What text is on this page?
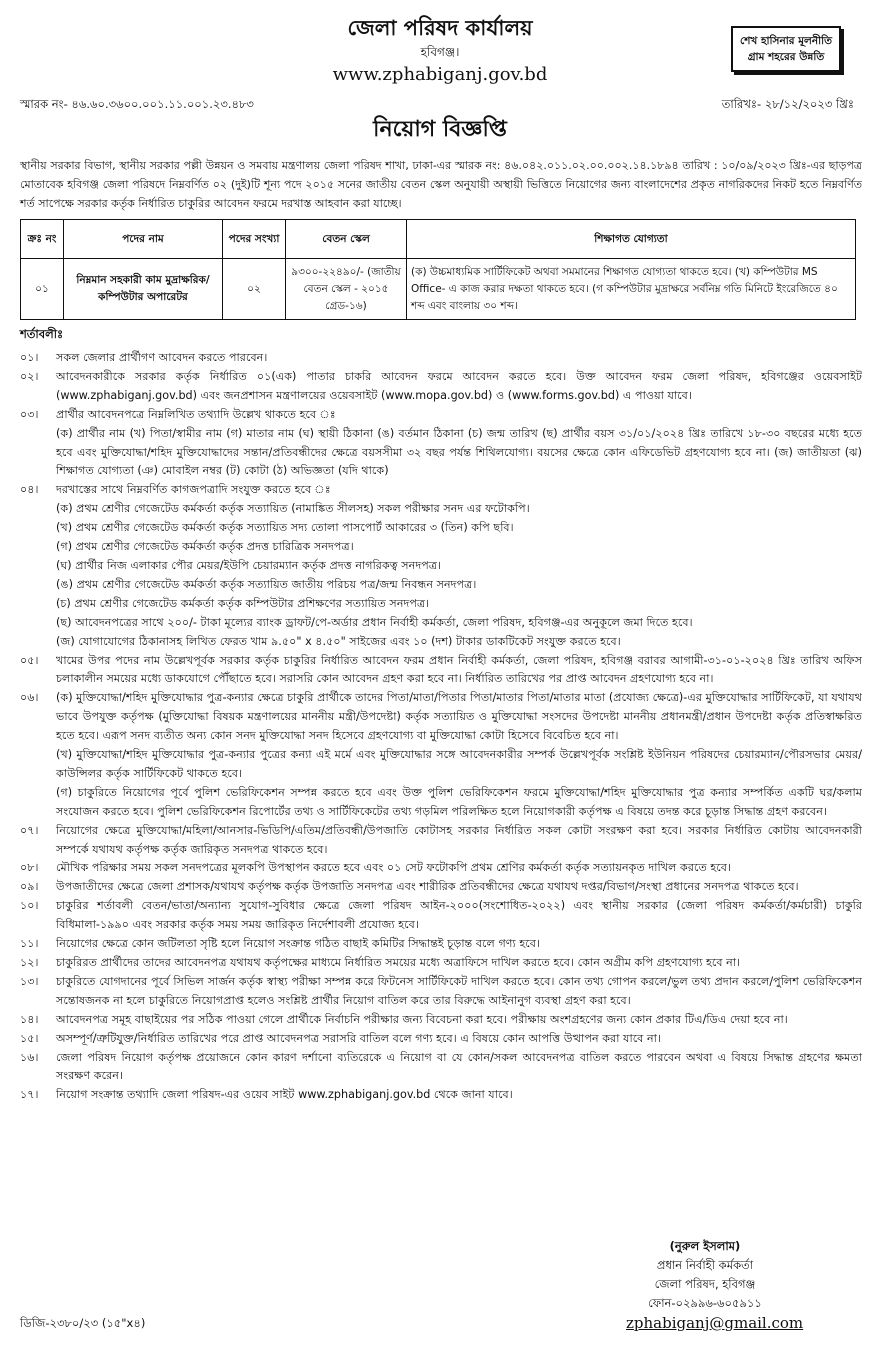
জেলা পরিষদ কার্যালয়
হবিগঞ্জ।
www.zphabiganj.gov.bd
শেখ হাসিনার মূলনীতি
গ্রাম শহরের উন্নতি
স্মারক নং- ৪৬.৬০.৩৬০০.০০১.১১.০০১.২৩.৪৮৩	তারিখঃ- ২৮/১২/২০২৩ খ্রিঃ
নিয়োগ বিজ্ঞপ্তি
স্থানীয় সরকার বিভাগ, স্থানীয় সরকার পল্লী উন্নয়ন ও সমবায় মন্ত্রণালয় জেলা পরিষদ শাখা, ঢাকা-এর স্মারক নং: ৪৬.০৪২.০১১.০২.০০.০০২.১৪.১৮৯৪ তারিখ : ১০/০৯/২০২৩ খ্রিঃ-এর ছাড়পত্র মোতাবেক হবিগঞ্জ জেলা পরিষদে নিম্নবর্ণিত ০২ (দুই)টি শূন্য পদে ২০১৫ সনের জাতীয় বেতন স্কেল অনুযায়ী অস্থায়ী ভিত্তিতে নিয়োগের জন্য বাংলাদেশের প্রকৃত নাগরিকদের নিকট হতে নিম্নবর্ণিত শর্ত সাপেক্ষে সরকার কর্তৃক নির্ধারিত চাকুরির আবেদন ফরমে দরখাস্ত আহবান করা যাচ্ছে।
ক্রঃ নং	পদের নাম	পদের সংখ্যা	বেতন স্কেল	শিক্ষাগত যোগ্যতা
০১	নিম্নমান সহকারী কাম মুদ্রাক্ষরিক/ কম্পিউটার অপারেটর	০২	৯৩০০-২২৪৯০/- (জাতীয় বেতন স্কেল - ২০১৫ গ্রেড-১৬)	(ক) উচ্চমাধ্যমিক সার্টিফিকেট অথবা সমমানের শিক্ষাগত যোগ্যতা থাকতে হবে। (খ) কম্পিউটার MS Office- এ কাজ করার দক্ষতা থাকতে হবে। (গ কম্পিউটার মুদ্রাক্ষরে সর্বনিম্ন গতি মিনিটে ইংরেজিতে ৪০ শব্দ এবং বাংলায় ৩০ শব্দ।
শর্তাবলীঃ
০১।	সকল জেলার প্রার্থীগণ আবেদন করতে পারবেন।
০২।	আবেদনকারীকে সরকার কর্তৃক নির্ধারিত ০১(এক) পাতার চাকরি আবেদন ফরমে আবেদন করতে হবে। উক্ত আবেদন ফরম জেলা পরিষদ, হবিগঞ্জের ওয়েবসাইট (www.zphabiganj.gov.bd) এবং জনপ্রশাসন মন্ত্রণালয়ের ওয়েবসাইট (www.mopa.gov.bd) ও (www.forms.gov.bd) এ পাওয়া যাবে।
০৩।	প্রার্থীর আবেদনপত্রে নিম্নলিখিত তথ্যাদি উল্লেখ থাকতে হবে ঃ
(ক) প্রার্থীর নাম (খ) পিতা/স্বামীর নাম (গ) মাতার নাম (ঘ) স্থায়ী ঠিকানা (ঙ) বর্তমান ঠিকানা (চ) জন্ম তারিখ (ছ) প্রার্থীর বয়স ৩১/০১/২০২৪ খ্রিঃ তারিখে ১৮-৩০ বছরের মধ্যে হতে হবে এবং মুক্তিযোদ্ধা/শহিদ মুক্তিযোদ্ধাদের সন্তান/প্রতিবন্ধীদের ক্ষেত্রে বয়সসীমা ৩২ বছর পর্যন্ত শিথিলযোগ্য। বয়সের ক্ষেত্রে কোন এফিডেভিট গ্রহণযোগ্য হবে না। (জ) জাতীয়তা (ঝ) শিক্ষাগত যোগ্যতা (ঞ) মোবাইল নম্বর (ট) কোটা (ঠ) অভিজ্ঞতা (যদি থাকে)
০৪।	দরখাস্তের সাথে নিম্নবর্ণিত কাগজপত্রাদি সংযুক্ত করতে হবে ঃ
(ক) প্রথম শ্রেণীর গেজেটেড কর্মকর্তা কর্তৃক সত্যায়িত (নামাঙ্কিত সীলসহ) সকল পরীক্ষার সনদ এর ফটোকপি।
(খ) প্রথম শ্রেণীর গেজেটেড কর্মকর্তা কর্তৃক সত্যায়িত সদ্য তোলা পাসপোর্ট আকারের ৩ (তিন) কপি ছবি।
(গ) প্রথম শ্রেণীর গেজেটেড কর্মকর্তা কর্তৃক প্রদত্ত চারিত্রিক সনদপত্র।
(ঘ) প্রার্থীর নিজ এলাকার পৌর মেয়র/ইউপি চেয়ারম্যান কর্তৃক প্রদত্ত নাগরিকত্ব সনদপত্র।
(ঙ) প্রথম শ্রেণীর গেজেটেড কর্মকর্তা কর্তৃক সত্যায়িত জাতীয় পরিচয় পত্র/জন্ম নিবন্ধন সনদপত্র।
(চ) প্রথম শ্রেণীর গেজেটেড কর্মকর্তা কর্তৃক কম্পিউটার প্রশিক্ষণের সত্যায়িত সনদপত্র।
(ছ) আবেদনপত্রের সাথে ২০০/- টাকা মূল্যের ব্যাংক ড্রাফট/পে-অর্ডার প্রধান নির্বাহী কর্মকর্তা, জেলা পরিষদ, হবিগঞ্জ-এর অনুকূলে জমা দিতে হবে।
(জ) যোগাযোগের ঠিকানাসহ লিখিত ফেরত খাম ৯.৫০" x ৪.৫০" সাইজের এবং ১০ (দশ) টাকার ডাকটিকেট সংযুক্ত করতে হবে।
০৫।	খামের উপর পদের নাম উল্লেখপূর্বক সরকার কর্তৃক চাকুরির নির্ধারিত আবেদন ফরম প্রধান নির্বাহী কর্মকর্তা, জেলা পরিষদ, হবিগঞ্জ বরাবর আগামী-৩১-০১-২০২৪ খ্রিঃ তারিখ অফিস চলাকালীন সময়ের মধ্যে ডাকযোগে পৌঁছাতে হবে। সরাসরি কোন আবেদন গ্রহণ করা হবে না। নির্ধারিত তারিখের পর প্রাপ্ত আবেদন গ্রহণযোগ্য হবে না।
০৬।	(ক) মুক্তিযোদ্ধা/শহিদ মুক্তিযোদ্ধার পুত্র-কন্যার ক্ষেত্রে চাকুরি প্রার্থীকে তাদের পিতা/মাতা/পিতার পিতা/মাতার পিতা/মাতার মাতা (প্রযোজ্য ক্ষেত্রে)-এর মুক্তিযোদ্ধার সার্টিফিকেট, যা যথাযথ ভাবে উপযুক্ত কর্তৃপক্ষ (মুক্তিযোদ্ধা বিষয়ক মন্ত্রণালয়ের মাননীয় মন্ত্রী/উপদেষ্টা) কর্তৃক সত্যায়িত ও মুক্তিযোদ্ধা সংসদের উপদেষ্টা মাননীয় প্রধানমন্ত্রী/প্রধান উপদেষ্টা কর্তৃক প্রতিস্বাক্ষরিত হতে হবে। এরূপ সনদ ব্যতীত অন্য কোন সনদ মুক্তিযোদ্ধা সনদ হিসেবে গ্রহণযোগ্য বা মুক্তিযোদ্ধা কোটা হিসেবে বিবেচিত হবে না।
(খ) মুক্তিযোদ্ধা/শহিদ মুক্তিযোদ্ধার পুত্র-কন্যার পুত্রের কন্যা এই মর্মে এবং মুক্তিযোদ্ধার সঙ্গে আবেদনকারীর সম্পর্ক উল্লেখপূর্বক সংশ্লিষ্ট ইউনিয়ন পরিষদের চেয়ারম্যান/পৌরসভার মেয়র/ কাউন্সিলর কর্তৃক সার্টিফিকেট থাকতে হবে।
(গ) চাকুরিতে নিয়োগের পূর্বে পুলিশ ভেরিফিকেশন সম্পন্ন করতে হবে এবং উক্ত পুলিশ ভেরিফিকেশন ফরমে মুক্তিযোদ্ধা/শহিদ মুক্তিযোদ্ধার পুত্র কন্যার সম্পর্কিত একটি ঘর/কলাম সংযোজন করতে হবে। পুলিশ ভেরিফিকেশন রিপোর্টের তথ্য ও সার্টিফিকেটের তথ্য গড়মিল পরিলক্ষিত হলে নিয়োগকারী কর্তৃপক্ষ এ বিষয়ে তদন্ত করে চূড়ান্ত সিদ্ধান্ত গ্রহণ করবেন।
০৭।	নিয়োগের ক্ষেত্রে মুক্তিযোদ্ধা/মহিলা/আনসার-ভিডিপি/এতিম/প্রতিবন্ধী/উপজাতি কোটাসহ সরকার নির্ধারিত সকল কোটা সংরক্ষণ করা হবে। সরকার নির্ধারিত কোটায় আবেদনকারী সম্পর্কে যথাযথ কর্তৃপক্ষ কর্তৃক জারিকৃত সনদপত্র থাকতে হবে।
০৮।	মৌখিক পরিক্ষার সময় সকল সনদপত্রের মূলকপি উপস্থাপন করতে হবে এবং ০১ সেট ফটোকপি প্রথম শ্রেণির কর্মকর্তা কর্তৃক সত্যায়নকৃত দাখিল করতে হবে।
০৯।	উপজাতীদের ক্ষেত্রে জেলা প্রশাসক/যথাযথ কর্তৃপক্ষ কর্তৃক উপজাতি সনদপত্র এবং শারীরিক প্রতিবন্ধীদের ক্ষেত্রে যথাযথ দপ্তর/বিভাগ/সংস্থা প্রধানের সনদপত্র থাকতে হবে।
১০।	চাকুরির শর্তাবলী বেতন/ভাতা/অন্যান্য সুযোগ-সুবিধার ক্ষেত্রে জেলা পরিষদ আইন-২০০০(সংশোধিত-২০২২) এবং স্থানীয় সরকার (জেলা পরিষদ কর্মকর্তা/কর্মচারী) চাকুরি বিধিমালা-১৯৯০ এবং সরকার কর্তৃক সময় সময় জারিকৃত নির্দেশাবলী প্রযোজ্য হবে।
১১।	নিয়োগের ক্ষেত্রে কোন জটিলতা সৃষ্টি হলে নিয়োগ সংক্রান্ত গঠিত বাছাই কমিটির সিদ্ধান্তই চূড়ান্ত বলে গণ্য হবে।
১২।	চাকুরিরত প্রার্থীদের তাদের আবেদনপত্র যথাযথ কর্তৃপক্ষের মাধ্যমে নির্ধারিত সময়ের মধ্যে অত্রাফিসে দাখিল করতে হবে। কোন অগ্রীম কপি গ্রহণযোগ্য হবে না।
১৩।	চাকুরিতে যোগদানের পূর্বে সিভিল সার্জন কর্তৃক স্বাস্থ্য পরীক্ষা সম্পন্ন করে ফিটনেস সার্টিফিকেট দাখিল করতে হবে। কোন তথ্য গোপন করলে/ভুল তথ্য প্রদান করলে/পুলিশ ভেরিফিকেশন সন্তোষজনক না হলে চাকুরিতে নিয়োগপ্রাপ্ত হলেও সংশ্লিষ্ট প্রার্থীর নিয়োগ বাতিল করে তার বিরুদ্ধে আইনানুগ ব্যবস্থা গ্রহণ করা হবে।
১৪।	আবেদনপত্র সমূহ বাছাইয়ের পর সঠিক পাওয়া গেলে প্রার্থীকে নির্বাচনি পরীক্ষার জন্য বিবেচনা করা হবে। পরীক্ষায় অংশগ্রহণের জন্য কোন প্রকার টিএ/ডিএ দেয়া হবে না।
১৫।	অসম্পূর্ণ/ত্রুটিযুক্ত/নির্ধারিত তারিখের পরে প্রাপ্ত আবেদনপত্র সরাসরি বাতিল বলে গণ্য হবে। এ বিষয়ে কোন আপত্তি উত্থাপন করা যাবে না।
১৬।	জেলা পরিষদ নিয়োগ কর্তৃপক্ষ প্রয়োজনে কোন কারণ দর্শানো ব্যতিরেকে এ নিয়োগ বা যে কোন/সকল আবেদনপত্র বাতিল করতে পারবেন অথবা এ বিষয়ে সিদ্ধান্ত গ্রহণের ক্ষমতা সংরক্ষণ করেন।
১৭।	নিয়োগ সংক্রান্ত তথ্যাদি জেলা পরিষদ-এর ওয়েব সাইট www.zphabiganj.gov.bd থেকে জানা যাবে।
(নুরুল ইসলাম)
প্রধান নির্বাহী কর্মকর্তা
জেলা পরিষদ, হবিগঞ্জ
ফোন-০২৯৯৬-৬০৫৯১১
zphabiganj@gmail.com
ডিজি-২৩৮০/২৩ (১৫"x৪)
